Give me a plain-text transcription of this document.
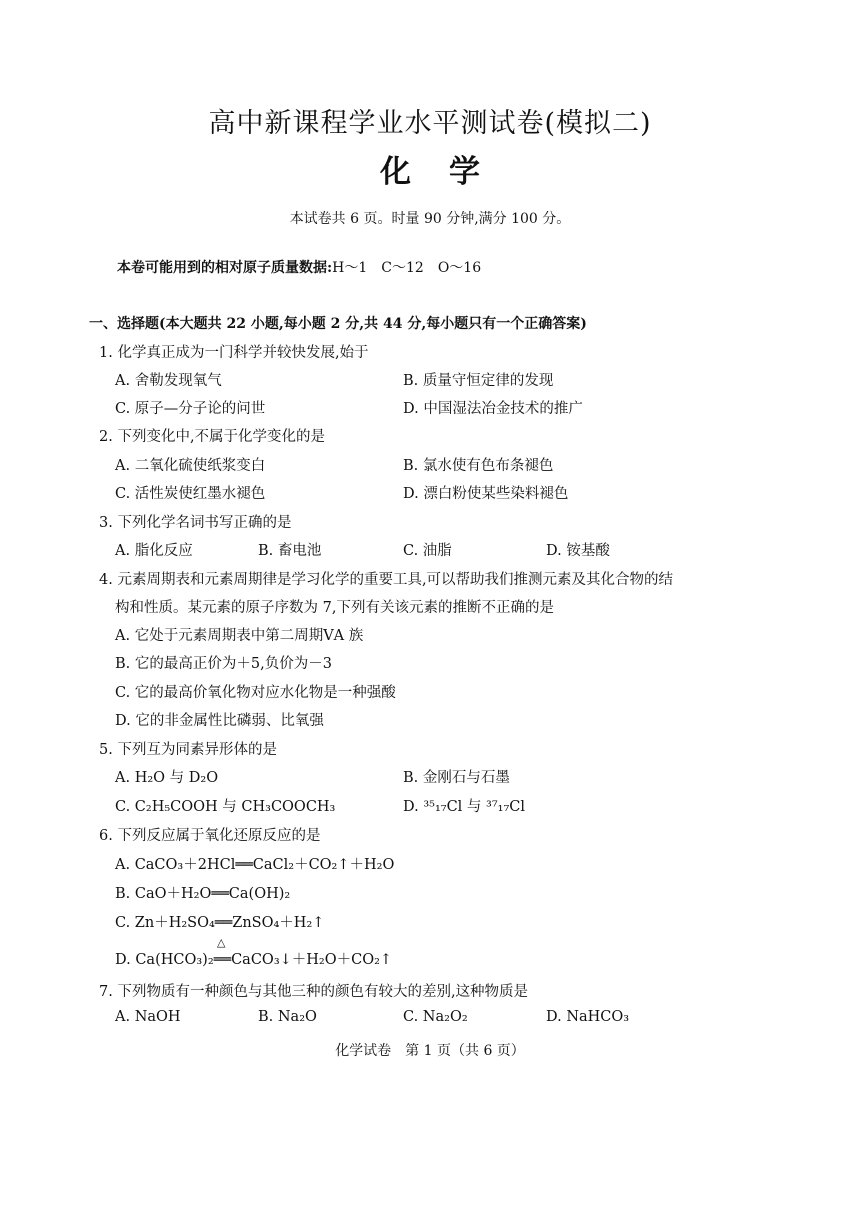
高中新课程学业水平测试卷(模拟二)
化学
本试卷共 6 页。时量 90 分钟,满分 100 分。
本卷可能用到的相对原子质量数据:H～1　C～12　O～16
一、选择题(本大题共 22 小题,每小题 2 分,共 44 分,每小题只有一个正确答案)
1. 化学真正成为一门科学并较快发展,始于
A. 舍勒发现氧气	B. 质量守恒定律的发现
C. 原子—分子论的问世	D. 中国湿法冶金技术的推广
2. 下列变化中,不属于化学变化的是
A. 二氧化硫使纸浆变白	B. 氯水使有色布条褪色
C. 活性炭使红墨水褪色	D. 漂白粉使某些染料褪色
3. 下列化学名词书写正确的是
A. 脂化反应	B. 畜电池	C. 油脂	D. 铵基酸
4. 元素周期表和元素周期律是学习化学的重要工具,可以帮助我们推测元素及其化合物的结
构和性质。某元素的原子序数为 7,下列有关该元素的推断不正确的是
A. 它处于元素周期表中第二周期ⅤA 族
B. 它的最高正价为＋5,负价为－3
C. 它的最高价氧化物对应水化物是一种强酸
D. 它的非金属性比磷弱、比氧强
5. 下列互为同素异形体的是
A. H₂O 与 D₂O	B. 金刚石与石墨
C. C₂H₅COOH 与 CH₃COOCH₃	D. ³⁵₁₇Cl 与 ³⁷₁₇Cl
6. 下列反应属于氧化还原反应的是
A. CaCO₃＋2HCl══CaCl₂＋CO₂↑＋H₂O
B. CaO＋H₂O══Ca(OH)₂
C. Zn＋H₂SO₄══ZnSO₄＋H₂↑
△
D. Ca(HCO₃)₂══CaCO₃↓＋H₂O＋CO₂↑
7. 下列物质有一种颜色与其他三种的颜色有较大的差别,这种物质是
A. NaOH	B. Na₂O	C. Na₂O₂	D. NaHCO₃
化学试卷　第 1 页（共 6 页）
